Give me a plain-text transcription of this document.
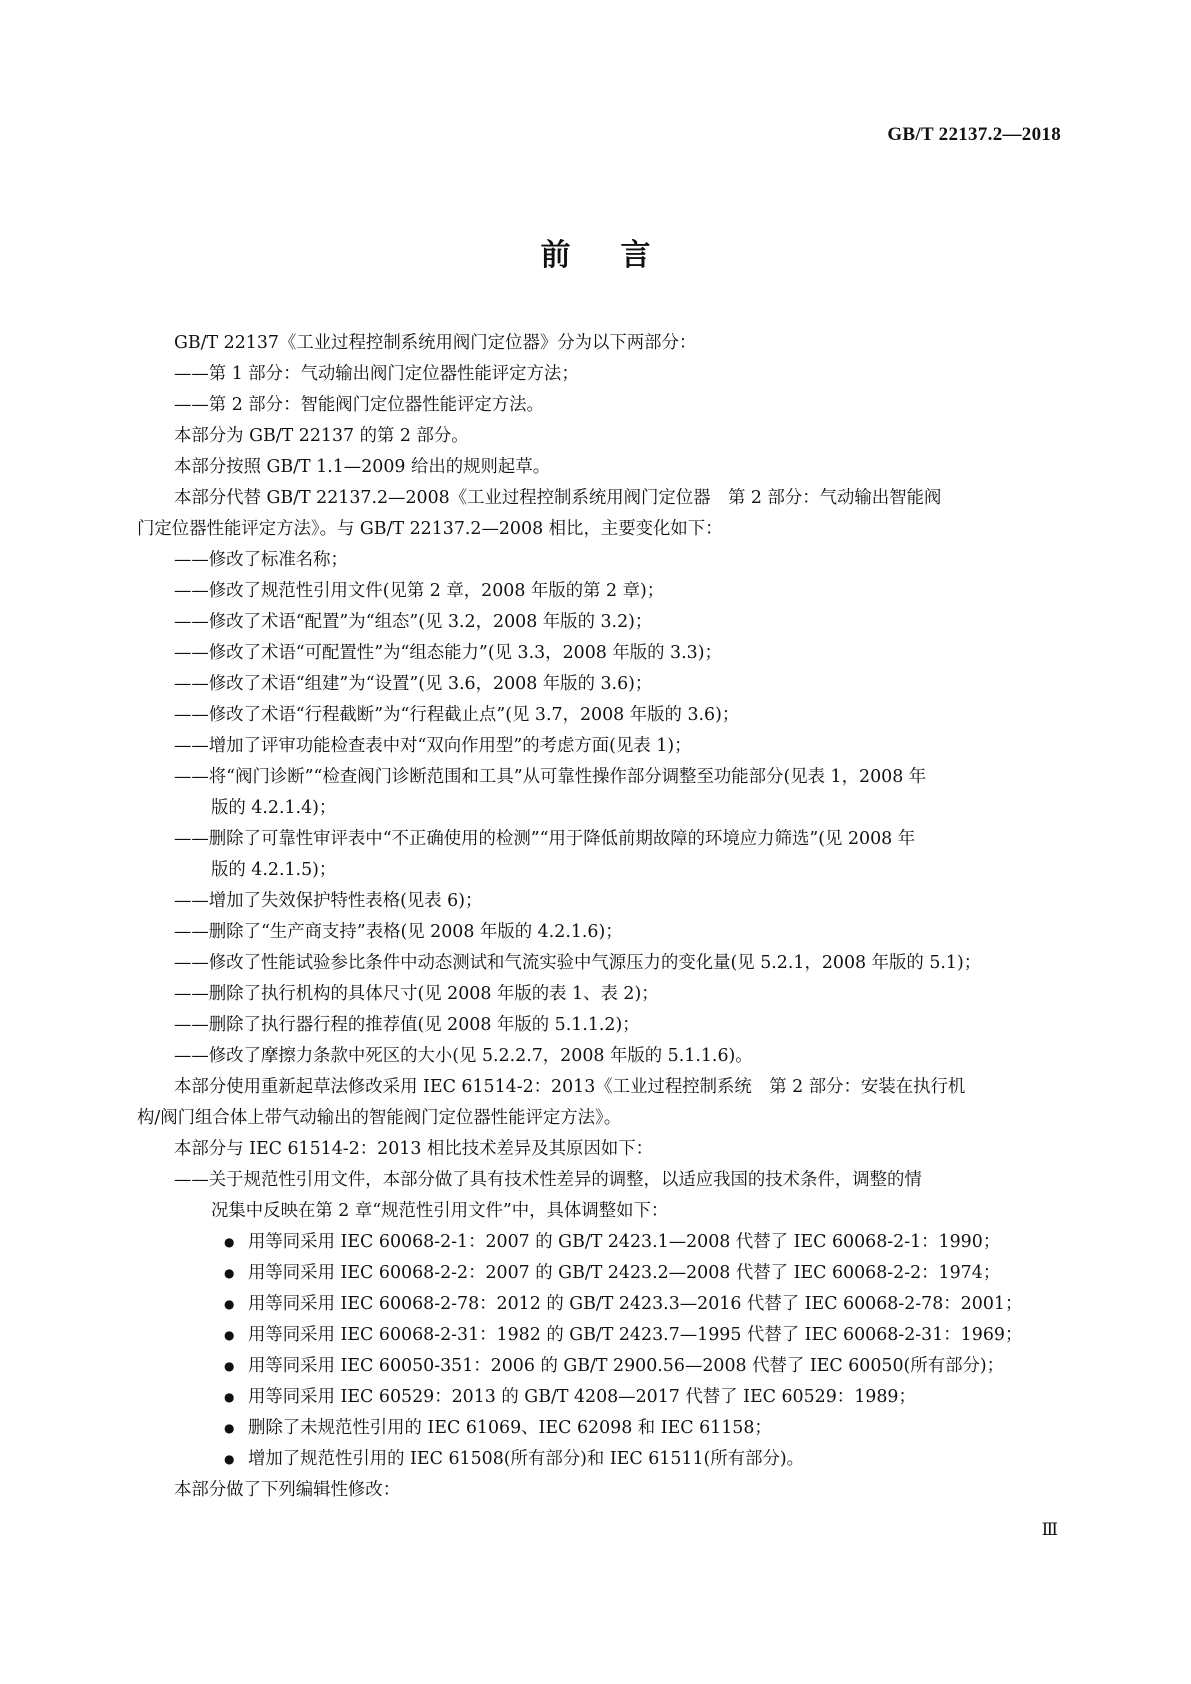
GB/T 22137.2—2018
前言
GB/T 22137《工业过程控制系统用阀门定位器》分为以下两部分：
——第 1 部分：气动输出阀门定位器性能评定方法；
——第 2 部分：智能阀门定位器性能评定方法。
本部分为 GB/T 22137 的第 2 部分。
本部分按照 GB/T 1.1—2009 给出的规则起草。
本部分代替 GB/T 22137.2—2008《工业过程控制系统用阀门定位器　第 2 部分：气动输出智能阀
门定位器性能评定方法》。与 GB/T 22137.2—2008 相比，主要变化如下：
——修改了标准名称；
——修改了规范性引用文件(见第 2 章，2008 年版的第 2 章)；
——修改了术语“配置”为“组态”(见 3.2，2008 年版的 3.2)；
——修改了术语“可配置性”为“组态能力”(见 3.3，2008 年版的 3.3)；
——修改了术语“组建”为“设置”(见 3.6，2008 年版的 3.6)；
——修改了术语“行程截断”为“行程截止点”(见 3.7，2008 年版的 3.6)；
——增加了评审功能检查表中对“双向作用型”的考虑方面(见表 1)；
——将“阀门诊断”“检查阀门诊断范围和工具”从可靠性操作部分调整至功能部分(见表 1，2008 年
版的 4.2.1.4)；
——删除了可靠性审评表中“不正确使用的检测”“用于降低前期故障的环境应力筛选”(见 2008 年
版的 4.2.1.5)；
——增加了失效保护特性表格(见表 6)；
——删除了“生产商支持”表格(见 2008 年版的 4.2.1.6)；
——修改了性能试验参比条件中动态测试和气流实验中气源压力的变化量(见 5.2.1，2008 年版的 5.1)；
——删除了执行机构的具体尺寸(见 2008 年版的表 1、表 2)；
——删除了执行器行程的推荐值(见 2008 年版的 5.1.1.2)；
——修改了摩擦力条款中死区的大小(见 5.2.2.7，2008 年版的 5.1.1.6)。
本部分使用重新起草法修改采用 IEC 61514-2：2013《工业过程控制系统　第 2 部分：安装在执行机
构/阀门组合体上带气动输出的智能阀门定位器性能评定方法》。
本部分与 IEC 61514-2：2013 相比技术差异及其原因如下：
——关于规范性引用文件，本部分做了具有技术性差异的调整，以适应我国的技术条件，调整的情
况集中反映在第 2 章“规范性引用文件”中，具体调整如下：
用等同采用 IEC 60068-2-1：2007 的 GB/T 2423.1—2008 代替了 IEC 60068-2-1：1990；
●
用等同采用 IEC 60068-2-2：2007 的 GB/T 2423.2—2008 代替了 IEC 60068-2-2：1974；
●
用等同采用 IEC 60068-2-78：2012 的 GB/T 2423.3—2016 代替了 IEC 60068-2-78：2001；
●
用等同采用 IEC 60068-2-31：1982 的 GB/T 2423.7—1995 代替了 IEC 60068-2-31：1969；
●
用等同采用 IEC 60050-351：2006 的 GB/T 2900.56—2008 代替了 IEC 60050(所有部分)；
●
用等同采用 IEC 60529：2013 的 GB/T 4208—2017 代替了 IEC 60529：1989；
●
删除了未规范性引用的 IEC 61069、IEC 62098 和 IEC 61158；
●
增加了规范性引用的 IEC 61508(所有部分)和 IEC 61511(所有部分)。
●
本部分做了下列编辑性修改：
Ⅲ
